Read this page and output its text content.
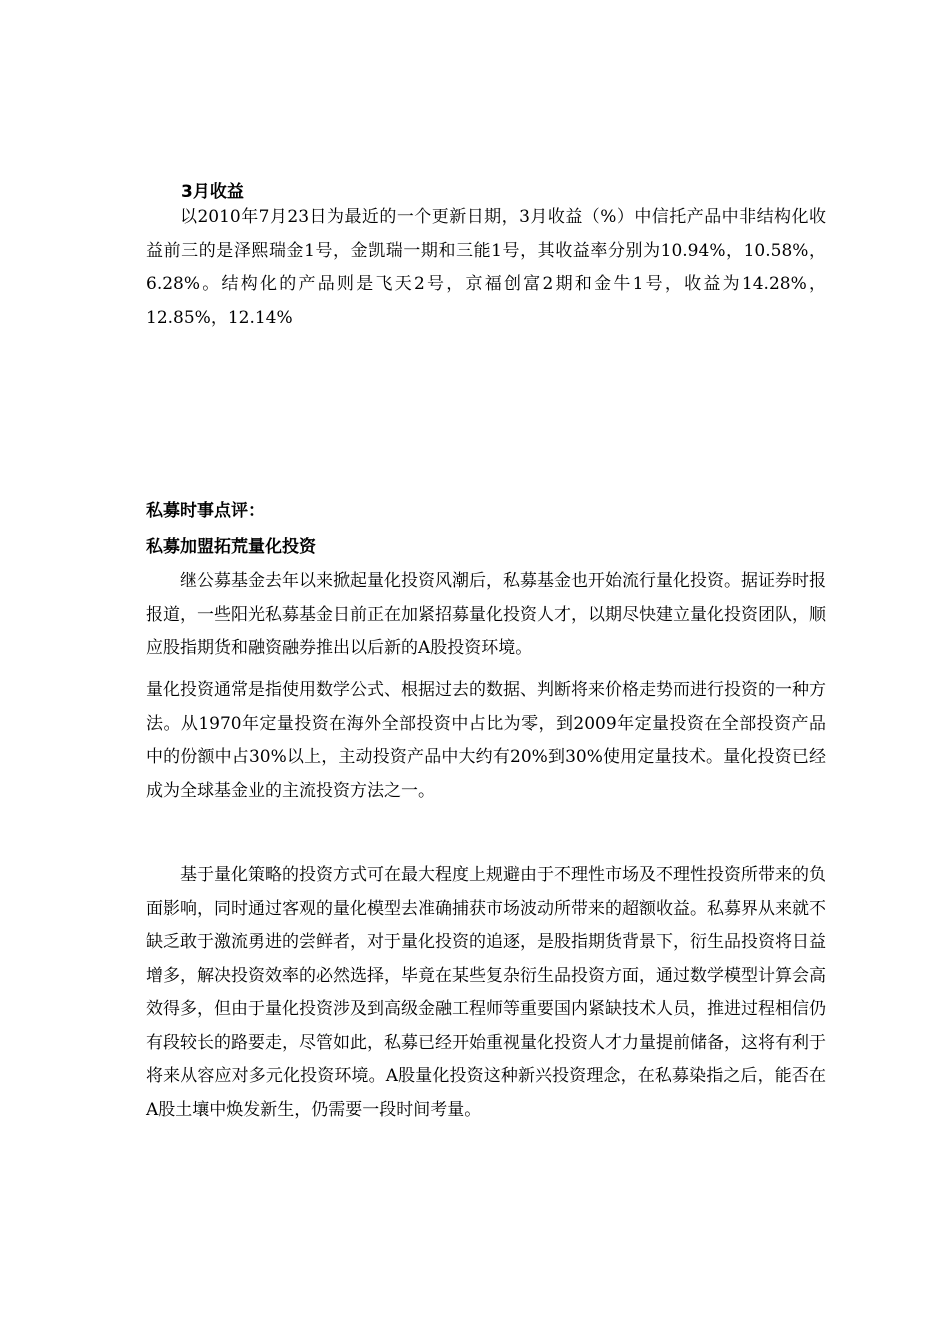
3月收益

以2010年7月23日为最近的一个更新日期，3月收益（%）中信托产品中非结构化收益前三的是泽熙瑞金1号，金凯瑞一期和三能1号，其收益率分别为10.94%，10.58%，6.28%。结构化的产品则是飞天2号，京福创富2期和金牛1号，收益为14.28%，12.85%，12.14%

私募时事点评：
私募加盟拓荒量化投资

继公募基金去年以来掀起量化投资风潮后，私募基金也开始流行量化投资。据证券时报报道，一些阳光私募基金日前正在加紧招募量化投资人才，以期尽快建立量化投资团队，顺应股指期货和融资融券推出以后新的A股投资环境。

量化投资通常是指使用数学公式、根据过去的数据、判断将来价格走势而进行投资的一种方法。从1970年定量投资在海外全部投资中占比为零，到2009年定量投资在全部投资产品中的份额中占30%以上，主动投资产品中大约有20%到30%使用定量技术。量化投资已经成为全球基金业的主流投资方法之一。

基于量化策略的投资方式可在最大程度上规避由于不理性市场及不理性投资所带来的负面影响，同时通过客观的量化模型去准确捕获市场波动所带来的超额收益。私募界从来就不缺乏敢于激流勇进的尝鲜者，对于量化投资的追逐，是股指期货背景下，衍生品投资将日益增多，解决投资效率的必然选择，毕竟在某些复杂衍生品投资方面，通过数学模型计算会高效得多，但由于量化投资涉及到高级金融工程师等重要国内紧缺技术人员，推进过程相信仍有段较长的路要走，尽管如此，私募已经开始重视量化投资人才力量提前储备，这将有利于将来从容应对多元化投资环境。A股量化投资这种新兴投资理念，在私募染指之后，能否在A股土壤中焕发新生，仍需要一段时间考量。
